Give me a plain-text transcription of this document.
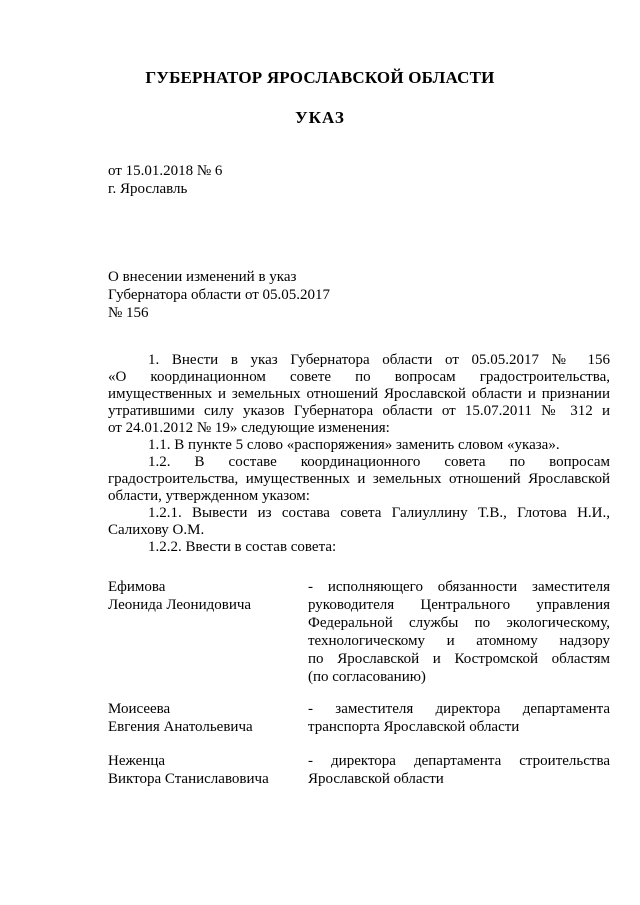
ГУБЕРНАТОР ЯРОСЛАВСКОЙ ОБЛАСТИ
УКАЗ

от 15.01.2018 № 6

г. Ярославль

О внесении изменений в указ

Губернатора области от 05.05.2017

№ 156

1. Внести в указ Губернатора области от 05.05.2017 № 156

«О координационном совете по вопросам градостроительства,

имущественных и земельных отношений Ярославской области и признании

утратившими силу указов Губернатора области от 15.07.2011 № 312 и

от 24.01.2012 № 19» следующие изменения:

1.1. В пункте 5 слово «распоряжения» заменить словом «указа».

1.2. В составе координационного совета по вопросам

градостроительства, имущественных и земельных отношений Ярославской

области, утвержденном указом:

1.2.1. Вывести из состава совета Галиуллину Т.В., Глотова Н.И.,

Салихову О.М.

1.2.2. Ввести в состав совета:

Ефимова
Леонида Леонидовича

- исполняющего обязанности заместителя

руководителя Центрального управления

Федеральной службы по экологическому,

технологическому и атомному надзору

по Ярославской и Костромской областям

(по согласованию)

Моисеева
Евгения Анатольевича

- заместителя директора департамента

транспорта Ярославской области

Неженца
Виктора Станиславовича

- директора департамента строительства

Ярославской области
